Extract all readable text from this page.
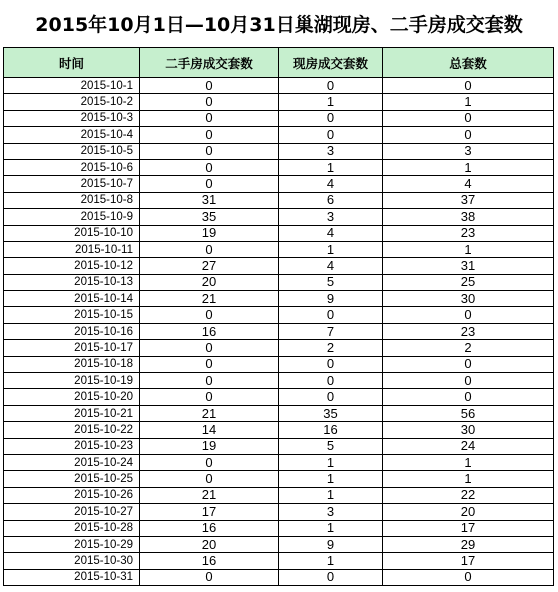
2015年10月1日—10月31日巢湖现房、二手房成交套数
时间	二手房成交套数	现房成交套数	总套数
2015-10-1	0	0	0
2015-10-2	0	1	1
2015-10-3	0	0	0
2015-10-4	0	0	0
2015-10-5	0	3	3
2015-10-6	0	1	1
2015-10-7	0	4	4
2015-10-8	31	6	37
2015-10-9	35	3	38
2015-10-10	19	4	23
2015-10-11	0	1	1
2015-10-12	27	4	31
2015-10-13	20	5	25
2015-10-14	21	9	30
2015-10-15	0	0	0
2015-10-16	16	7	23
2015-10-17	0	2	2
2015-10-18	0	0	0
2015-10-19	0	0	0
2015-10-20	0	0	0
2015-10-21	21	35	56
2015-10-22	14	16	30
2015-10-23	19	5	24
2015-10-24	0	1	1
2015-10-25	0	1	1
2015-10-26	21	1	22
2015-10-27	17	3	20
2015-10-28	16	1	17
2015-10-29	20	9	29
2015-10-30	16	1	17
2015-10-31	0	0	0
